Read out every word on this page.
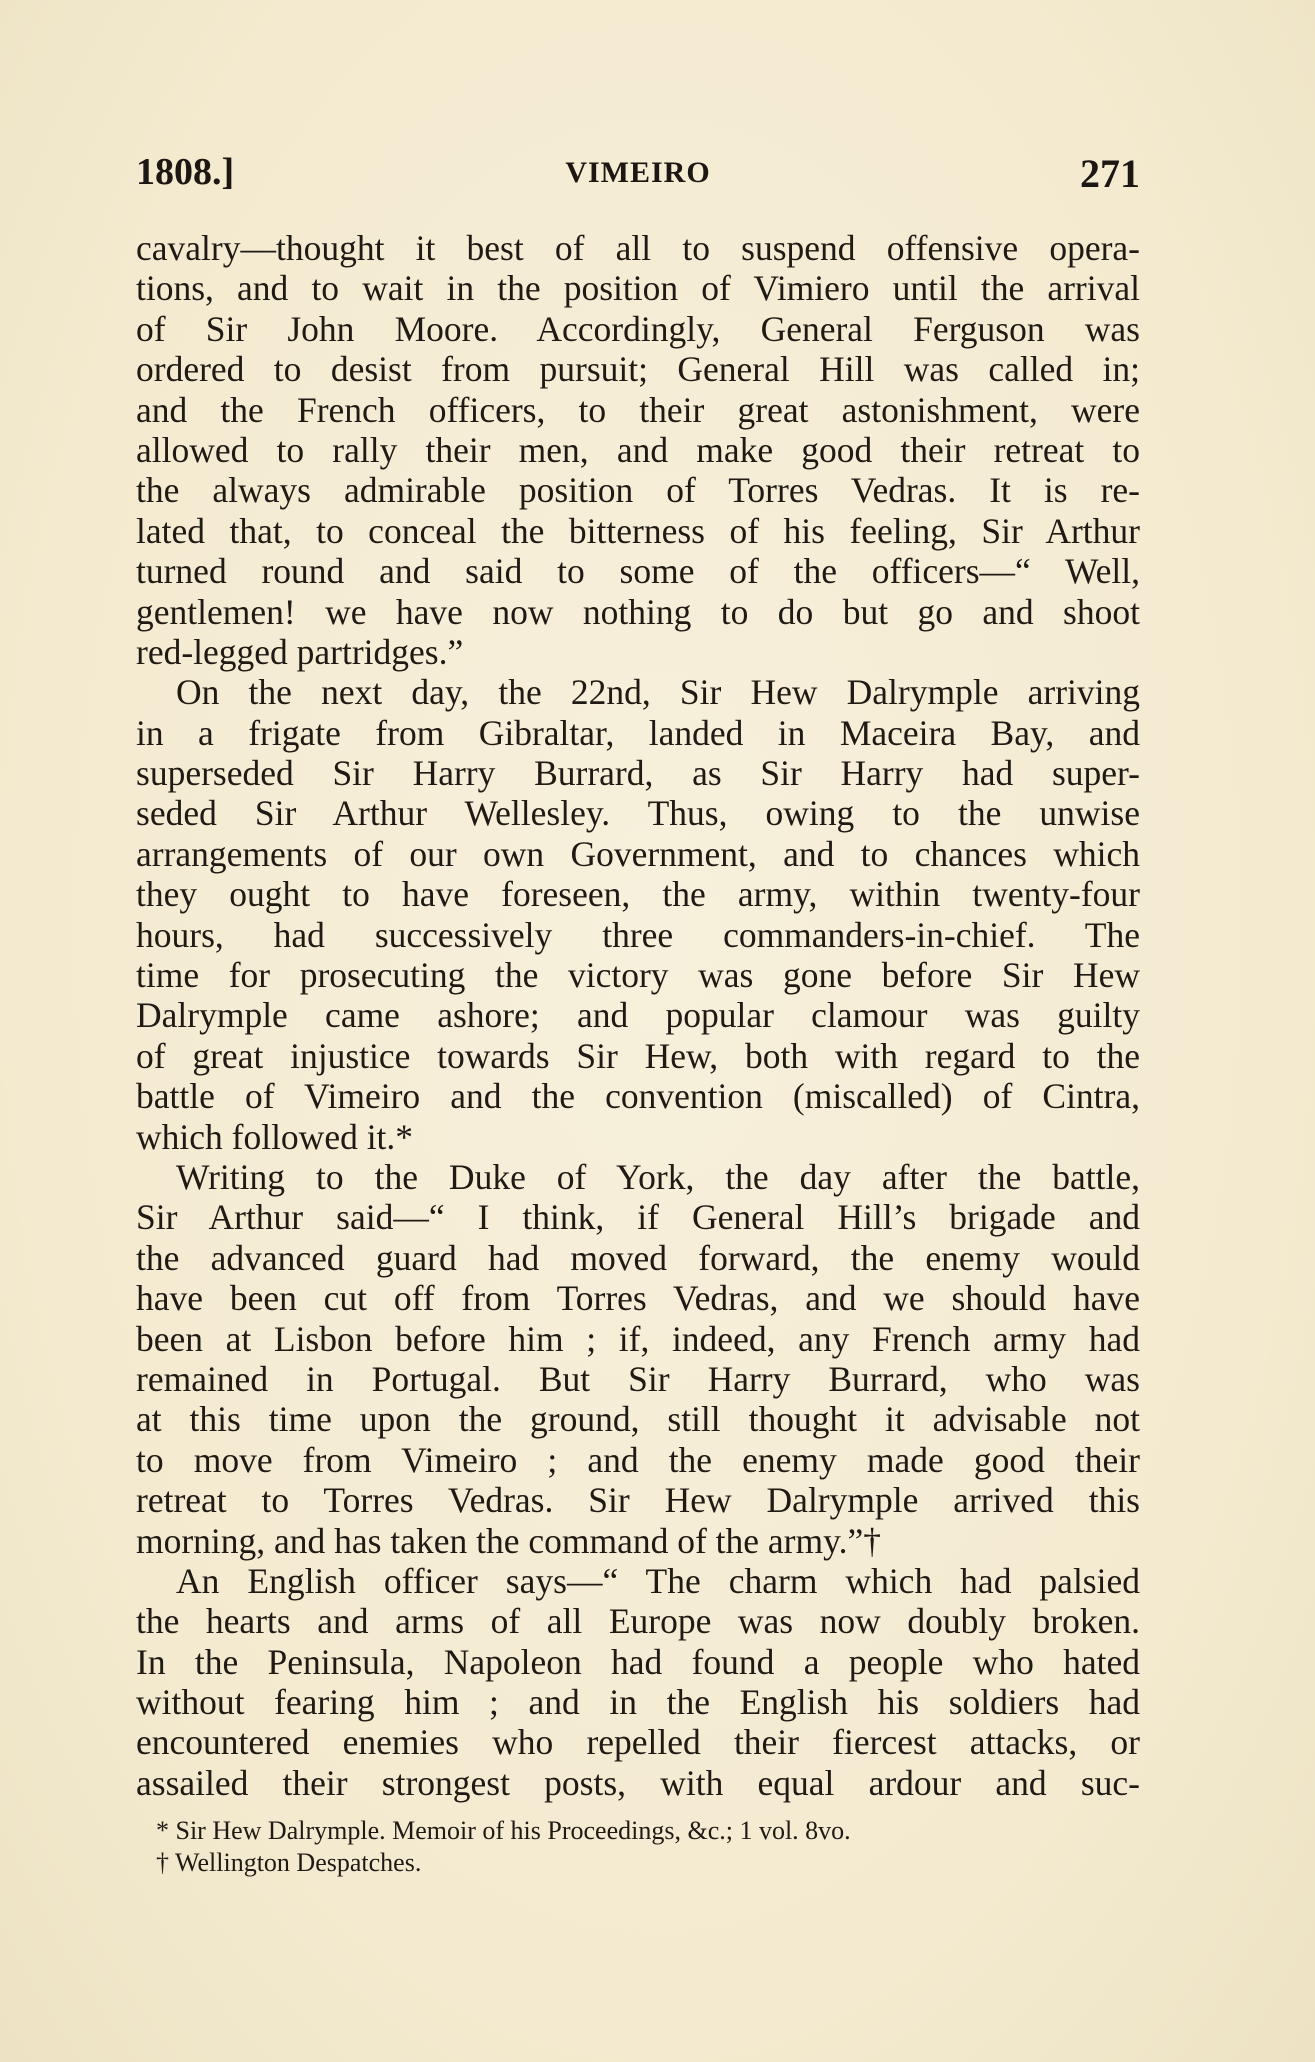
1808.]	VIMEIRO	271
cavalry—thought it best of all to suspend offensive opera-
tions, and to wait in the position of Vimiero until the arrival
of Sir John Moore. Accordingly, General Ferguson was
ordered to desist from pursuit; General Hill was called in;
and the French officers, to their great astonishment, were
allowed to rally their men, and make good their retreat to
the always admirable position of Torres Vedras. It is re-
lated that, to conceal the bitterness of his feeling, Sir Arthur
turned round and said to some of the officers—“ Well,
gentlemen! we have now nothing to do but go and shoot
red-legged partridges.”
On the next day, the 22nd, Sir Hew Dalrymple arriving
in a frigate from Gibraltar, landed in Maceira Bay, and
superseded Sir Harry Burrard, as Sir Harry had super-
seded Sir Arthur Wellesley. Thus, owing to the unwise
arrangements of our own Government, and to chances which
they ought to have foreseen, the army, within twenty-four
hours, had successively three commanders-in-chief. The
time for prosecuting the victory was gone before Sir Hew
Dalrymple came ashore; and popular clamour was guilty
of great injustice towards Sir Hew, both with regard to the
battle of Vimeiro and the convention (miscalled) of Cintra,
which followed it.*
Writing to the Duke of York, the day after the battle,
Sir Arthur said—“ I think, if General Hill’s brigade and
the advanced guard had moved forward, the enemy would
have been cut off from Torres Vedras, and we should have
been at Lisbon before him ; if, indeed, any French army had
remained in Portugal. But Sir Harry Burrard, who was
at this time upon the ground, still thought it advisable not
to move from Vimeiro ; and the enemy made good their
retreat to Torres Vedras. Sir Hew Dalrymple arrived this
morning, and has taken the command of the army.”†
An English officer says—“ The charm which had palsied
the hearts and arms of all Europe was now doubly broken.
In the Peninsula, Napoleon had found a people who hated
without fearing him ; and in the English his soldiers had
encountered enemies who repelled their fiercest attacks, or
assailed their strongest posts, with equal ardour and suc-
* Sir Hew Dalrymple. Memoir of his Proceedings, &c.; 1 vol. 8vo.
† Wellington Despatches.
